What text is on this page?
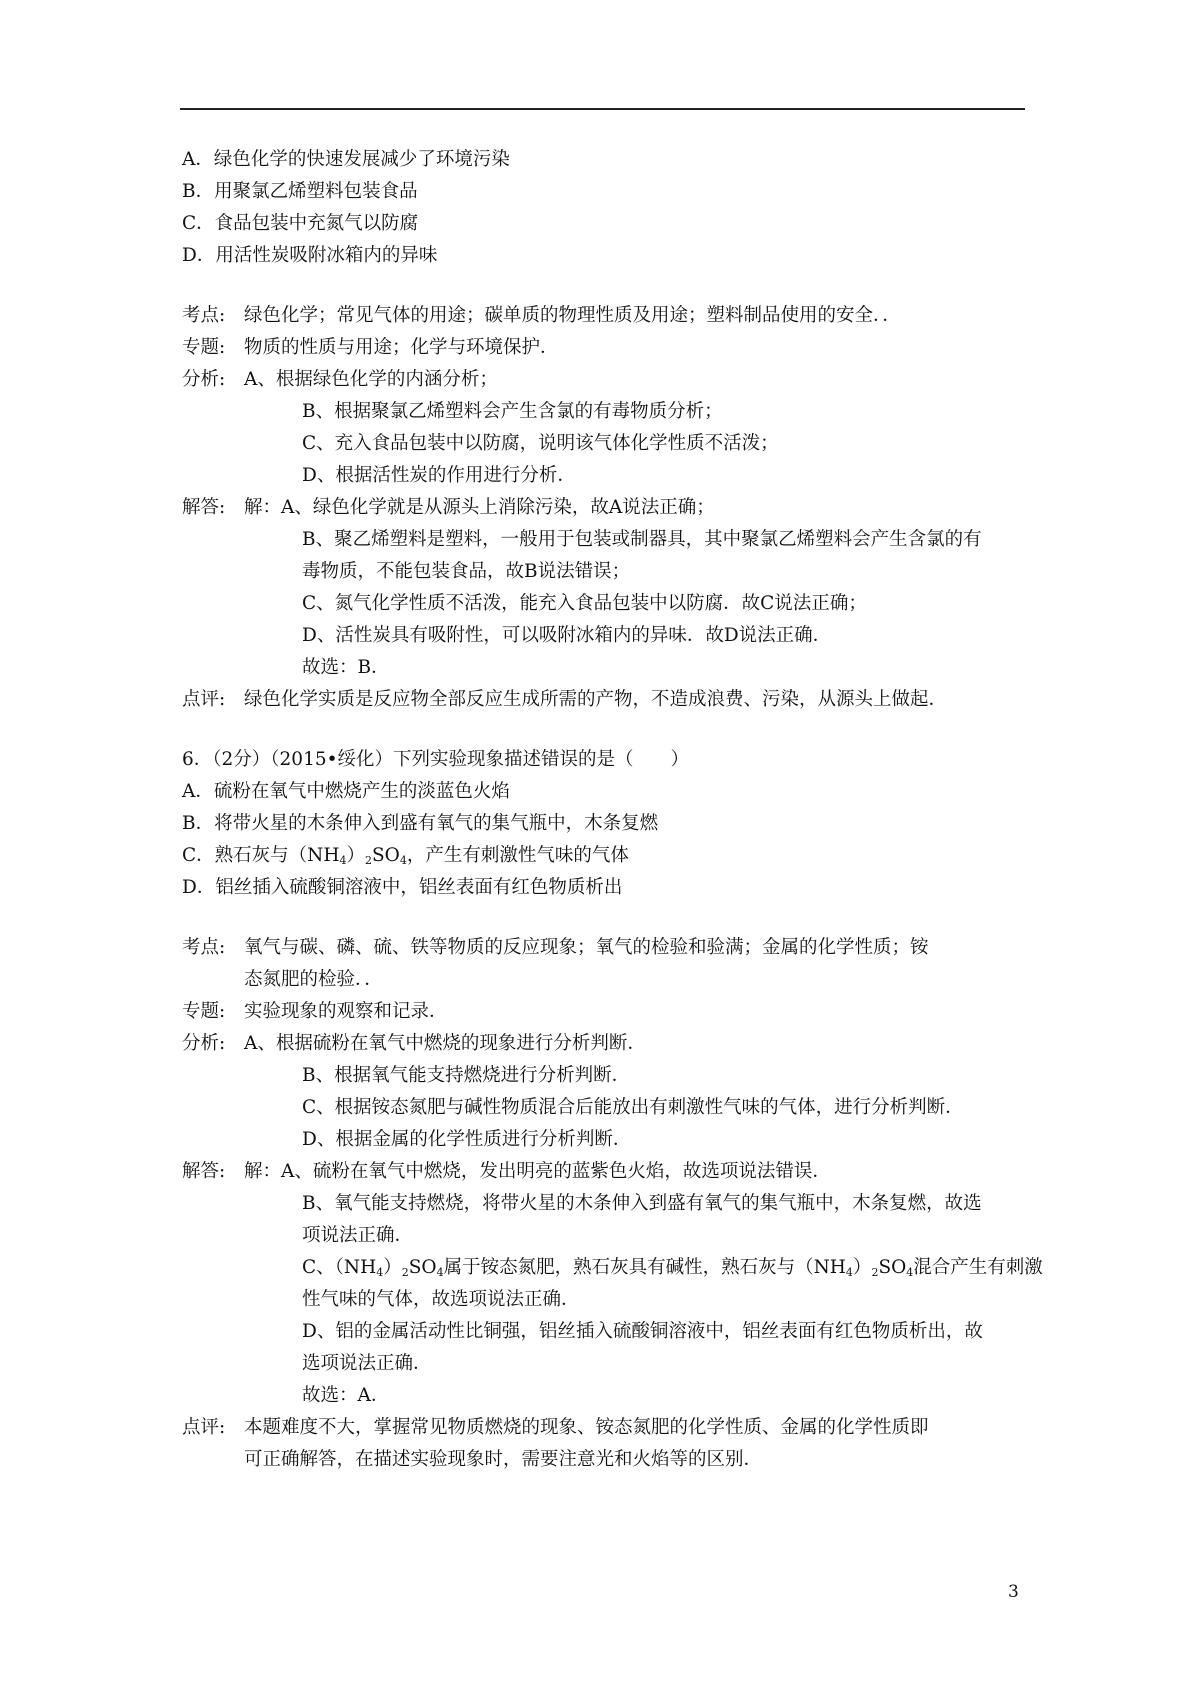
A．绿色化学的快速发展减少了环境污染
B．用聚氯乙烯塑料包装食品
C．食品包装中充氮气以防腐
D．用活性炭吸附冰箱内的异味
考点:	绿色化学；常见气体的用途；碳单质的物理性质及用途；塑料制品使用的安全．．
专题:	物质的性质与用途；化学与环境保护．
分析:	A、根据绿色化学的内涵分析；
B、根据聚氯乙烯塑料会产生含氯的有毒物质分析；
C、充入食品包装中以防腐，说明该气体化学性质不活泼；
D、根据活性炭的作用进行分析．
解答:	解：A、绿色化学就是从源头上消除污染，故A说法正确；
B、聚乙烯塑料是塑料，一般用于包装或制器具，其中聚氯乙烯塑料会产生含氯的有
毒物质，不能包装食品，故B说法错误；
C、氮气化学性质不活泼，能充入食品包装中以防腐．故C说法正确；
D、活性炭具有吸附性，可以吸附冰箱内的异味．故D说法正确．
故选：B．
点评:	绿色化学实质是反应物全部反应生成所需的产物，不造成浪费、污染，从源头上做起．
6．（2分）（2015•绥化）下列实验现象描述错误的是（　　）
A．硫粉在氧气中燃烧产生的淡蓝色火焰
B．将带火星的木条伸入到盛有氧气的集气瓶中，木条复燃
C．熟石灰与$(NH_4)_2SO_4$，产生有刺激性气味的气体
D．铝丝插入硫酸铜溶液中，铝丝表面有红色物质析出
考点:	氧气与碳、磷、硫、铁等物质的反应现象；氧气的检验和验满；金属的化学性质；铵
态氮肥的检验．．
专题:	实验现象的观察和记录．
分析:	A、根据硫粉在氧气中燃烧的现象进行分析判断．
B、根据氧气能支持燃烧进行分析判断．
C、根据铵态氮肥与碱性物质混合后能放出有刺激性气味的气体，进行分析判断．
D、根据金属的化学性质进行分析判断．
解答:	解：A、硫粉在氧气中燃烧，发出明亮的蓝紫色火焰，故选项说法错误．
B、氧气能支持燃烧，将带火星的木条伸入到盛有氧气的集气瓶中，木条复燃，故选
项说法正确．
C、$(NH_4)_2SO_4$属于铵态氮肥，熟石灰具有碱性，熟石灰与$(NH_4)_2SO_4$混合产生有刺激
性气味的气体，故选项说法正确．
D、铝的金属活动性比铜强，铝丝插入硫酸铜溶液中，铝丝表面有红色物质析出，故
选项说法正确．
故选：A．
点评:	本题难度不大，掌握常见物质燃烧的现象、铵态氮肥的化学性质、金属的化学性质即
可正确解答，在描述实验现象时，需要注意光和火焰等的区别．
3
